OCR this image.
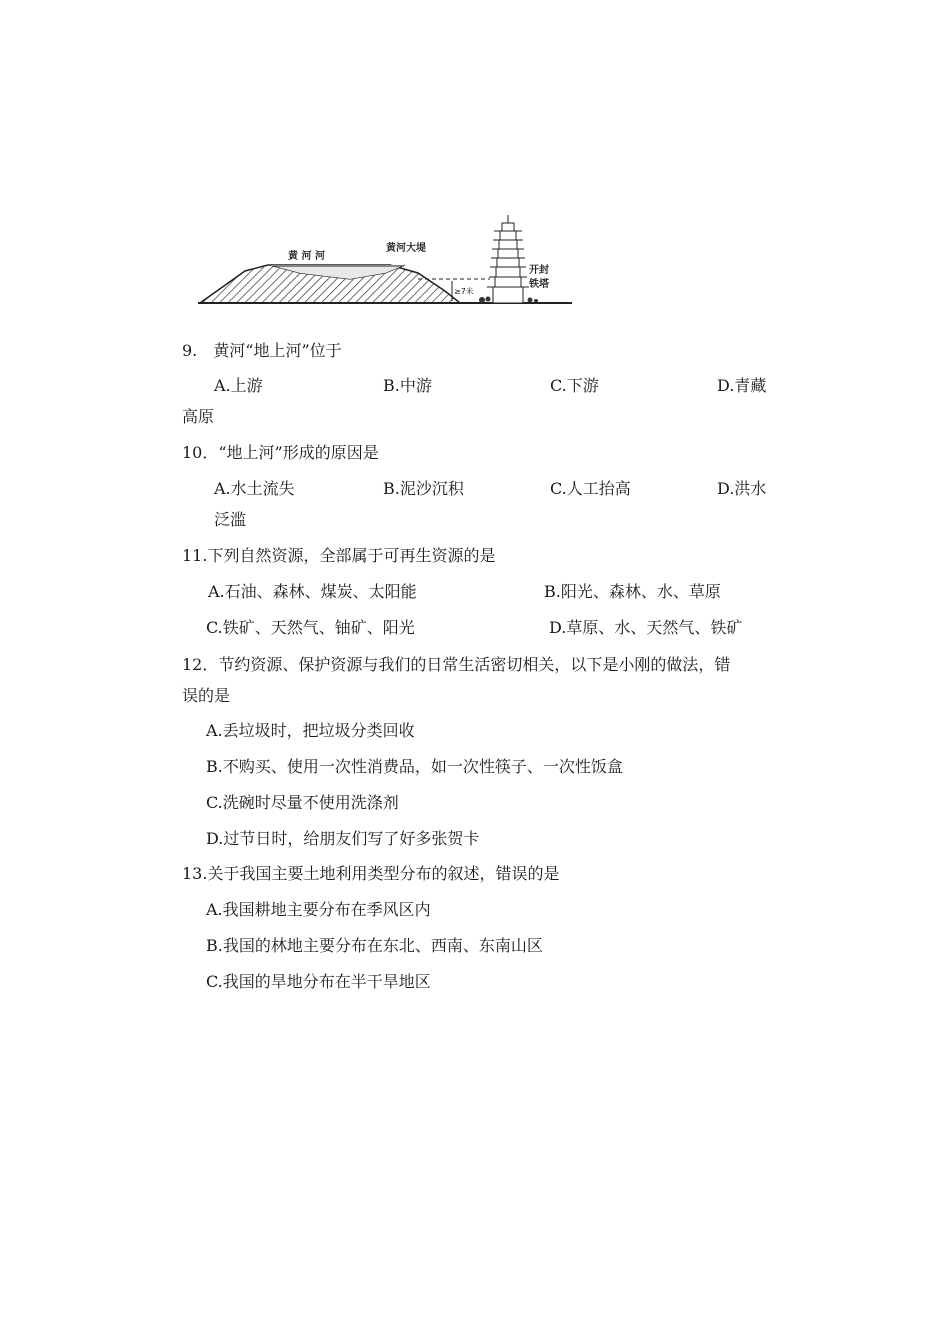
黄 河 河
黄河大堤
≥7米
开封
铁塔
9.　黄河“地上河”位于
A.上游	B.中游	C.下游	D.青藏
高原
10．“地上河”形成的原因是
A.水土流失	B.泥沙沉积	C.人工抬高	D.洪水
泛滥
11.下列自然资源，全部属于可再生资源的是
A.石油、森林、煤炭、太阳能	B.阳光、森林、水、草原
C.铁矿、天然气、铀矿、阳光	D.草原、水、天然气、铁矿
12．节约资源、保护资源与我们的日常生活密切相关，以下是小刚的做法，错
误的是
A.丢垃圾时，把垃圾分类回收
B.不购买、使用一次性消费品，如一次性筷子、一次性饭盒
C.洗碗时尽量不使用洗涤剂
D.过节日时，给朋友们写了好多张贺卡
13.关于我国主要土地利用类型分布的叙述，错误的是
A.我国耕地主要分布在季风区内
B.我国的林地主要分布在东北、西南、东南山区
C.我国的旱地分布在半干旱地区
